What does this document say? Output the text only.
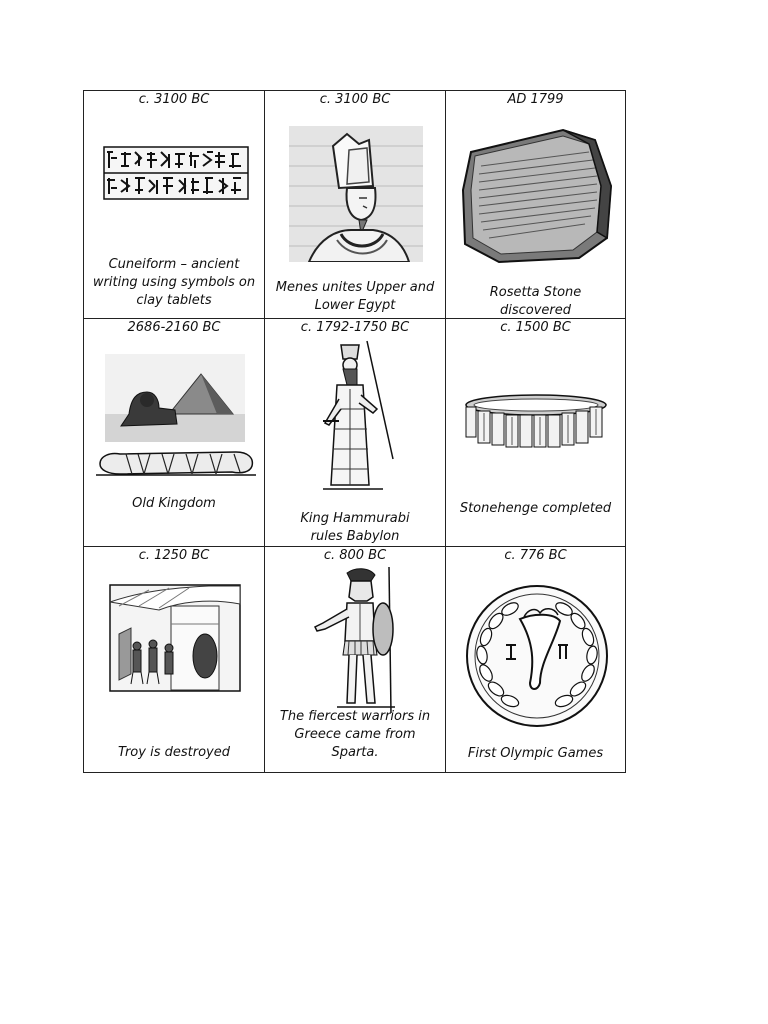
c. 3100 BC
Cuneiform – ancient writing using symbols on clay tablets
c. 3100 BC
Menes unites Upper and Lower Egypt
AD 1799
Rosetta Stone discovered
2686-2160 BC
Old Kingdom
c. 1792-1750 BC
King Hammurabi rules Babylon
c. 1500 BC
Stonehenge completed
c. 1250 BC
Troy is destroyed
c. 800 BC
The fiercest warriors in Greece came from Sparta.
c. 776 BC
First Olympic Games
